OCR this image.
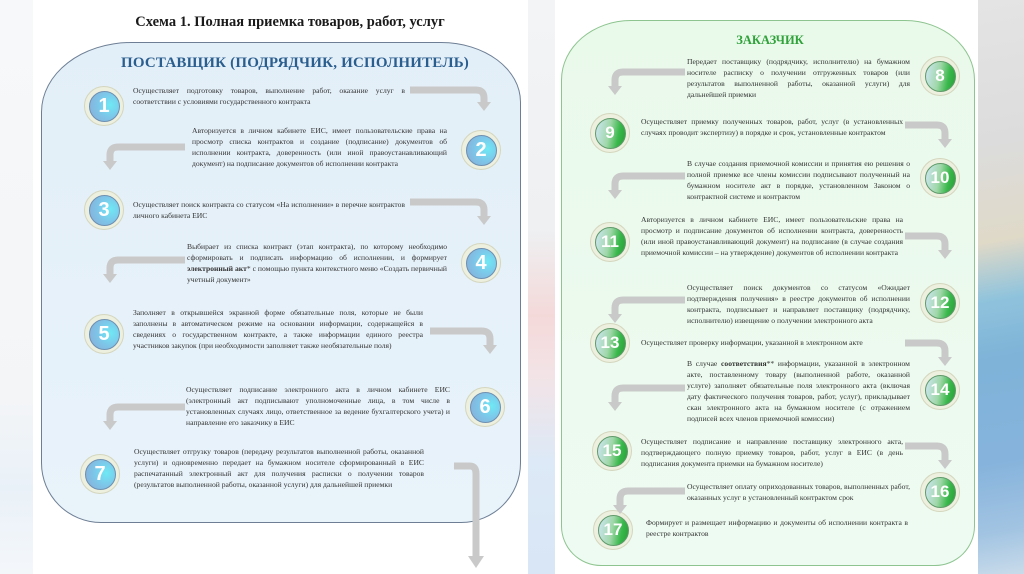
Схема 1. Полная приемка товаров, работ, услуг
ПОСТАВЩИК (ПОДРЯДЧИК, ИСПОЛНИТЕЛЬ)
ЗАКАЗЧИК
1
Осуществляет подготовку товаров, выполнение работ, оказание услуг в соответствии с условиями государственного контракта
2
Авторизуется в личном кабинете ЕИС, имеет пользовательские права на просмотр списка контрактов и создание (подписание) документов об исполнении контракта, доверенность (или иной правоустанавливающий документ) на подписание документов об исполнении контракта
3	Осуществляет поиск контракта со статусом «На исполнении» в перечне контрактов личного кабинета ЕИС
4
Выбирает из списка контракт (этап контракта), по которому необходимо сформировать и подписать информацию об исполнении, и формирует электронный акт* с помощью пункта контекстного меню «Создать первичный учетный документ»
5
Заполняет в открывшейся экранной форме обязательные поля, которые не были заполнены в автоматическом режиме на основании информации, содержащейся в сведениях о государственном контракте, а также информации единого реестра участников закупок (при необходимости заполняет также необязательные поля)
6
Осуществляет подписание электронного акта в личном кабинете ЕИС (электронный акт подписывают уполномоченные лица, в том числе в установленных случаях лицо, ответственное за ведение бухгалтерского учета) и направление его заказчику в ЕИС
7
Осуществляет отгрузку товаров (передачу результатов выполненной работы, оказанной услуги) и одновременно передает на бумажном носителе сформированный в ЕИС распечатанный электронный акт для получения расписки о получении товаров (результатов выполненной работы, оказанной услуги) для дальнейшей приемки
8
Передает поставщику (подрядчику, исполнителю) на бумажном носителе расписку о получении отгруженных товаров (или результатов выполненной работы, оказанной услуги) для дальнейшей приемки
9
Осуществляет приемку полученных товаров, работ, услуг (в установленных случаях проводит экспертизу) в порядке и срок, установленные контрактом
10
В случае создания приемочной комиссии и принятия ею решения о полной приемке все члены комиссии подписывают полученный на бумажном носителе акт в порядке, установленном Законом о контрактной системе и контрактом
11
Авторизуется в личном кабинете ЕИС, имеет пользовательские права на просмотр и подписание документов об исполнении контракта, доверенность (или иной правоустанавливающий документ) на подписание (в случае создания приемочной комиссии – на утверждение) документов об исполнении контракта
12
Осуществляет поиск документов со статусом «Ожидает подтверждения получения» в реестре документов об исполнении контракта, подписывает и направляет поставщику (подрядчику, исполнителю) извещение о получении электронного акта
13	Осуществляет проверку информации, указанной в электронном акте
14
В случае соответствия** информации, указанной в электронном акте, поставленному товару (выполненной работе, оказанной услуге) заполняет обязательные поля электронного акта (включая дату фактического получения товаров, работ, услуг), прикладывает скан электронного акта на бумажном носителе (с отражением подписей всех членов приемочной комиссии)
15	Осуществляет подписание и направление поставщику электронного акта, подтверждающего полную приемку товаров, работ, услуг в ЕИС (в день подписания документа приемки на бумажном носителе)
16
Осуществляет оплату оприходованных товаров, выполненных работ, оказанных услуг в установленный контрактом срок
17	Формирует и размещает информацию и документы об исполнении контракта в реестре контрактов
